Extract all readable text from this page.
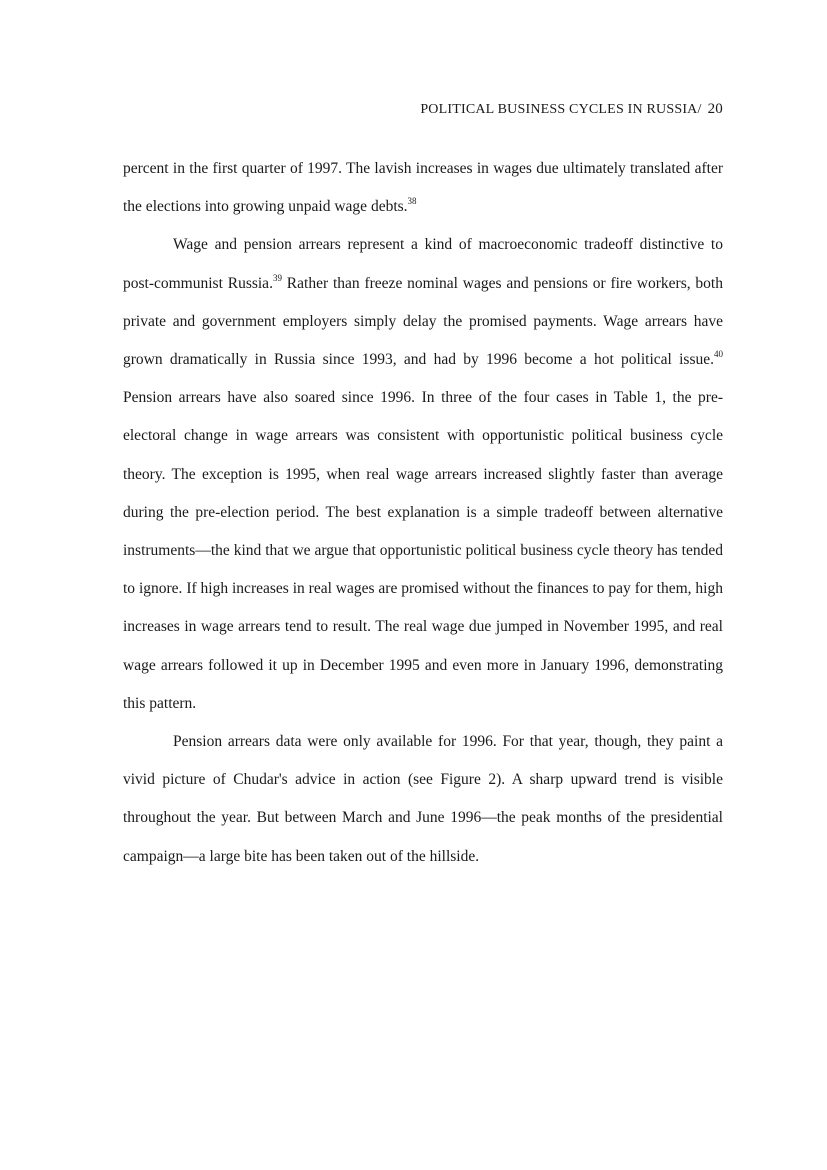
POLITICAL BUSINESS CYCLES IN RUSSIA/ 20

percent in the first quarter of 1997. The lavish increases in wages due ultimately translated after the elections into growing unpaid wage debts.$^{38}$

Wage and pension arrears represent a kind of macroeconomic tradeoff distinctive to post-communist Russia.$^{39}$ Rather than freeze nominal wages and pensions or fire workers, both private and government employers simply delay the promised payments. Wage arrears have grown dramatically in Russia since 1993, and had by 1996 become a hot political issue.$^{40}$ Pension arrears have also soared since 1996. In three of the four cases in Table 1, the pre-electoral change in wage arrears was consistent with opportunistic political business cycle theory. The exception is 1995, when real wage arrears increased slightly faster than average during the pre-election period. The best explanation is a simple tradeoff between alternative instruments—the kind that we argue that opportunistic political business cycle theory has tended to ignore. If high increases in real wages are promised without the finances to pay for them, high increases in wage arrears tend to result. The real wage due jumped in November 1995, and real wage arrears followed it up in December 1995 and even more in January 1996, demonstrating this pattern.

Pension arrears data were only available for 1996. For that year, though, they paint a vivid picture of Chudar's advice in action (see Figure 2). A sharp upward trend is visible throughout the year. But between March and June 1996—the peak months of the presidential campaign—a large bite has been taken out of the hillside.
